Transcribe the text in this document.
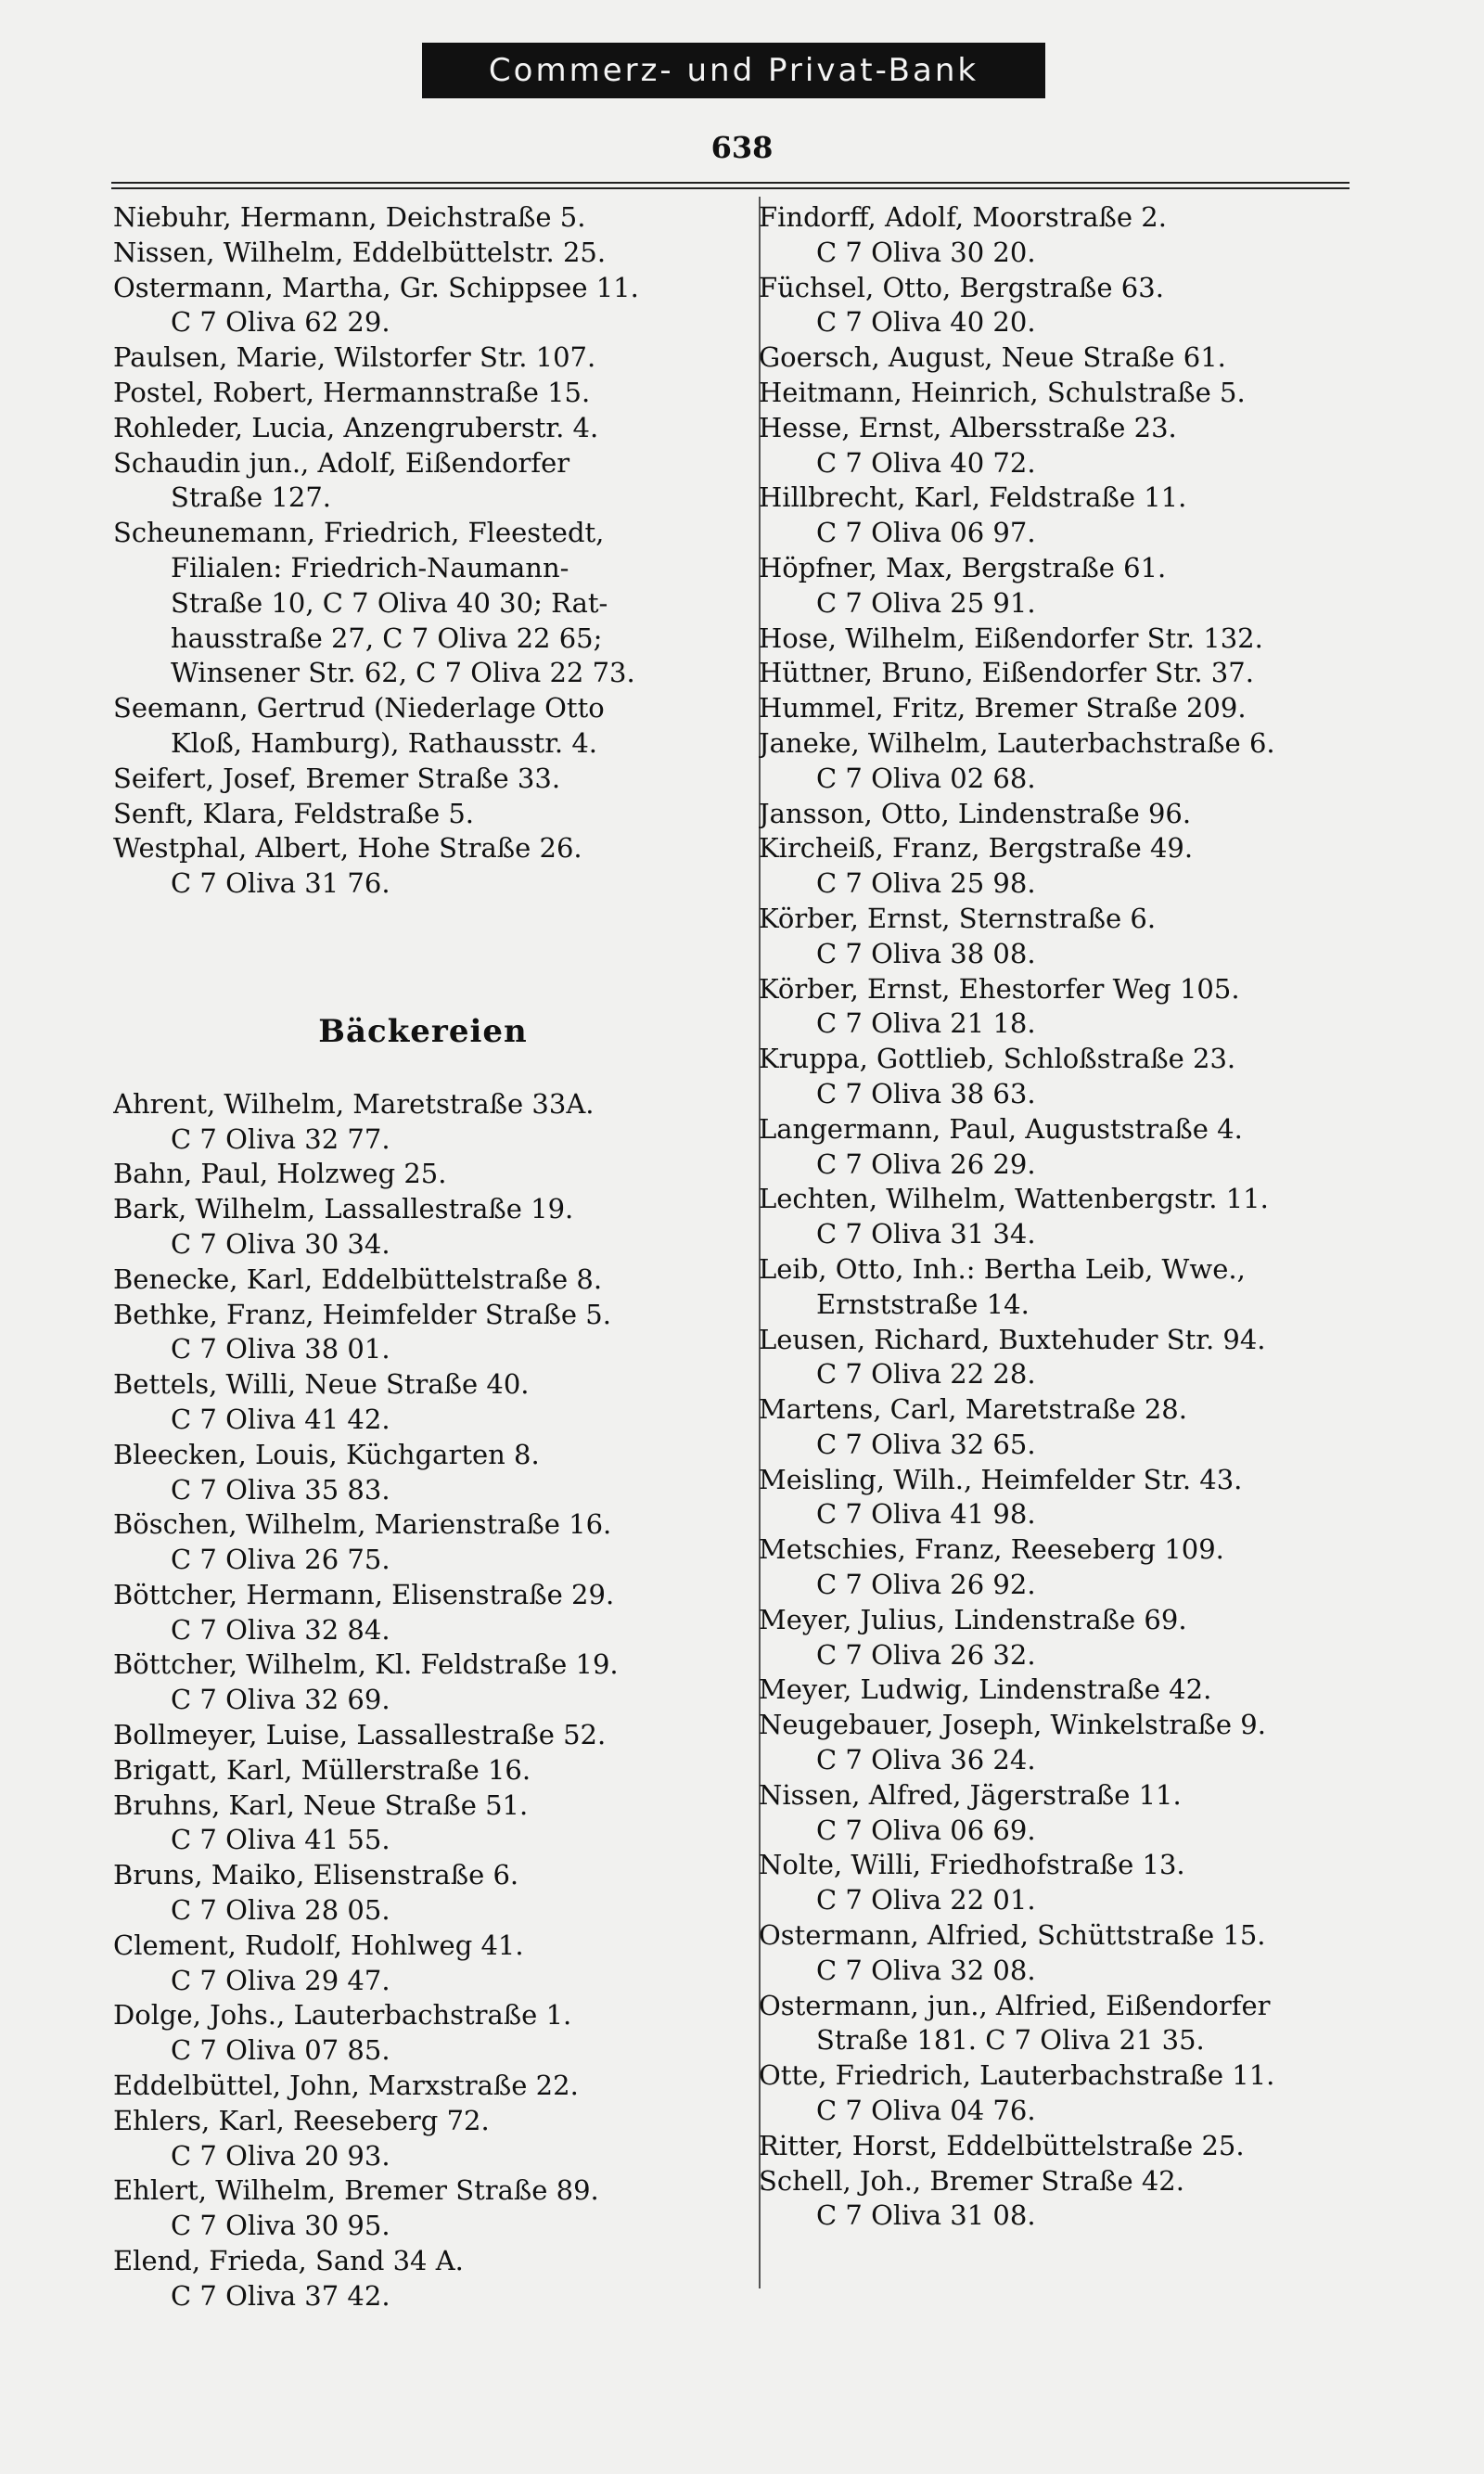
Commerz- und Privat-Bank
638
Niebuhr, Hermann, Deichstraße 5.
Nissen, Wilhelm, Eddelbüttelstr. 25.
Ostermann, Martha, Gr. Schippsee 11.
C 7 Oliva 62 29.
Paulsen, Marie, Wilstorfer Str. 107.
Postel, Robert, Hermannstraße 15.
Rohleder, Lucia, Anzengruberstr. 4.
Schaudin jun., Adolf, Eißendorfer
Straße 127.
Scheunemann, Friedrich, Fleestedt,
Filialen: Friedrich-Naumann-
Straße 10, C 7 Oliva 40 30; Rat-
hausstraße 27, C 7 Oliva 22 65;
Winsener Str. 62, C 7 Oliva 22 73.
Seemann, Gertrud (Niederlage Otto
Kloß, Hamburg), Rathausstr. 4.
Seifert, Josef, Bremer Straße 33.
Senft, Klara, Feldstraße 5.
Westphal, Albert, Hohe Straße 26.
C 7 Oliva 31 76.
Bäckereien
Ahrent, Wilhelm, Maretstraße 33A.
C 7 Oliva 32 77.
Bahn, Paul, Holzweg 25.
Bark, Wilhelm, Lassallestraße 19.
C 7 Oliva 30 34.
Benecke, Karl, Eddelbüttelstraße 8.
Bethke, Franz, Heimfelder Straße 5.
C 7 Oliva 38 01.
Bettels, Willi, Neue Straße 40.
C 7 Oliva 41 42.
Bleecken, Louis, Küchgarten 8.
C 7 Oliva 35 83.
Böschen, Wilhelm, Marienstraße 16.
C 7 Oliva 26 75.
Böttcher, Hermann, Elisenstraße 29.
C 7 Oliva 32 84.
Böttcher, Wilhelm, Kl. Feldstraße 19.
C 7 Oliva 32 69.
Bollmeyer, Luise, Lassallestraße 52.
Brigatt, Karl, Müllerstraße 16.
Bruhns, Karl, Neue Straße 51.
C 7 Oliva 41 55.
Bruns, Maiko, Elisenstraße 6.
C 7 Oliva 28 05.
Clement, Rudolf, Hohlweg 41.
C 7 Oliva 29 47.
Dolge, Johs., Lauterbachstraße 1.
C 7 Oliva 07 85.
Eddelbüttel, John, Marxstraße 22.
Ehlers, Karl, Reeseberg 72.
C 7 Oliva 20 93.
Ehlert, Wilhelm, Bremer Straße 89.
C 7 Oliva 30 95.
Elend, Frieda, Sand 34 A.
C 7 Oliva 37 42.
Findorff, Adolf, Moorstraße 2.
C 7 Oliva 30 20.
Füchsel, Otto, Bergstraße 63.
C 7 Oliva 40 20.
Goersch, August, Neue Straße 61.
Heitmann, Heinrich, Schulstraße 5.
Hesse, Ernst, Albersstraße 23.
C 7 Oliva 40 72.
Hillbrecht, Karl, Feldstraße 11.
C 7 Oliva 06 97.
Höpfner, Max, Bergstraße 61.
C 7 Oliva 25 91.
Hose, Wilhelm, Eißendorfer Str. 132.
Hüttner, Bruno, Eißendorfer Str. 37.
Hummel, Fritz, Bremer Straße 209.
Janeke, Wilhelm, Lauterbachstraße 6.
C 7 Oliva 02 68.
Jansson, Otto, Lindenstraße 96.
Kircheiß, Franz, Bergstraße 49.
C 7 Oliva 25 98.
Körber, Ernst, Sternstraße 6.
C 7 Oliva 38 08.
Körber, Ernst, Ehestorfer Weg 105.
C 7 Oliva 21 18.
Kruppa, Gottlieb, Schloßstraße 23.
C 7 Oliva 38 63.
Langermann, Paul, Auguststraße 4.
C 7 Oliva 26 29.
Lechten, Wilhelm, Wattenbergstr. 11.
C 7 Oliva 31 34.
Leib, Otto, Inh.: Bertha Leib, Wwe.,
Ernststraße 14.
Leusen, Richard, Buxtehuder Str. 94.
C 7 Oliva 22 28.
Martens, Carl, Maretstraße 28.
C 7 Oliva 32 65.
Meisling, Wilh., Heimfelder Str. 43.
C 7 Oliva 41 98.
Metschies, Franz, Reeseberg 109.
C 7 Oliva 26 92.
Meyer, Julius, Lindenstraße 69.
C 7 Oliva 26 32.
Meyer, Ludwig, Lindenstraße 42.
Neugebauer, Joseph, Winkelstraße 9.
C 7 Oliva 36 24.
Nissen, Alfred, Jägerstraße 11.
C 7 Oliva 06 69.
Nolte, Willi, Friedhofstraße 13.
C 7 Oliva 22 01.
Ostermann, Alfried, Schüttstraße 15.
C 7 Oliva 32 08.
Ostermann, jun., Alfried, Eißendorfer
Straße 181. C 7 Oliva 21 35.
Otte, Friedrich, Lauterbachstraße 11.
C 7 Oliva 04 76.
Ritter, Horst, Eddelbüttelstraße 25.
Schell, Joh., Bremer Straße 42.
C 7 Oliva 31 08.
